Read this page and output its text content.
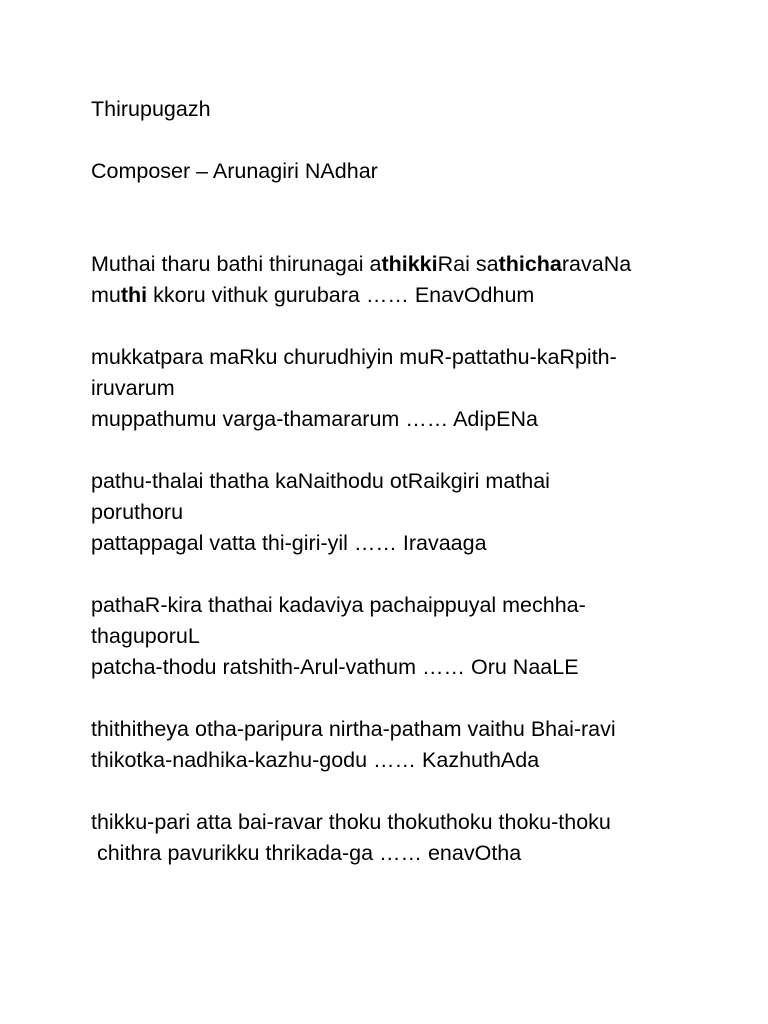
Thirupugazh
Composer – Arunagiri NAdhar
Muthai tharu bathi thirunagai athikkiRai sathicharavaNa
muthi kkoru vithuk gurubara …… EnavOdhum
mukkatpara maRku churudhiyin muR-pattathu-kaRpith-
iruvarum
muppathumu varga-thamararum …… AdipENa
pathu-thalai thatha kaNaithodu otRaikgiri mathai
poruthoru
pattappagal vatta thi-giri-yil …… Iravaaga
pathaR-kira thathai kadaviya pachaippuyal mechha-
thaguporuL
patcha-thodu ratshith-Arul-vathum …… Oru NaaLE
thithitheya otha-paripura nirtha-patham vaithu Bhai-ravi
thikotka-nadhika-kazhu-godu …… KazhuthAda
thikku-pari atta bai-ravar thoku thokuthoku thoku-thoku
chithra pavurikku thrikada-ga …… enavOtha
